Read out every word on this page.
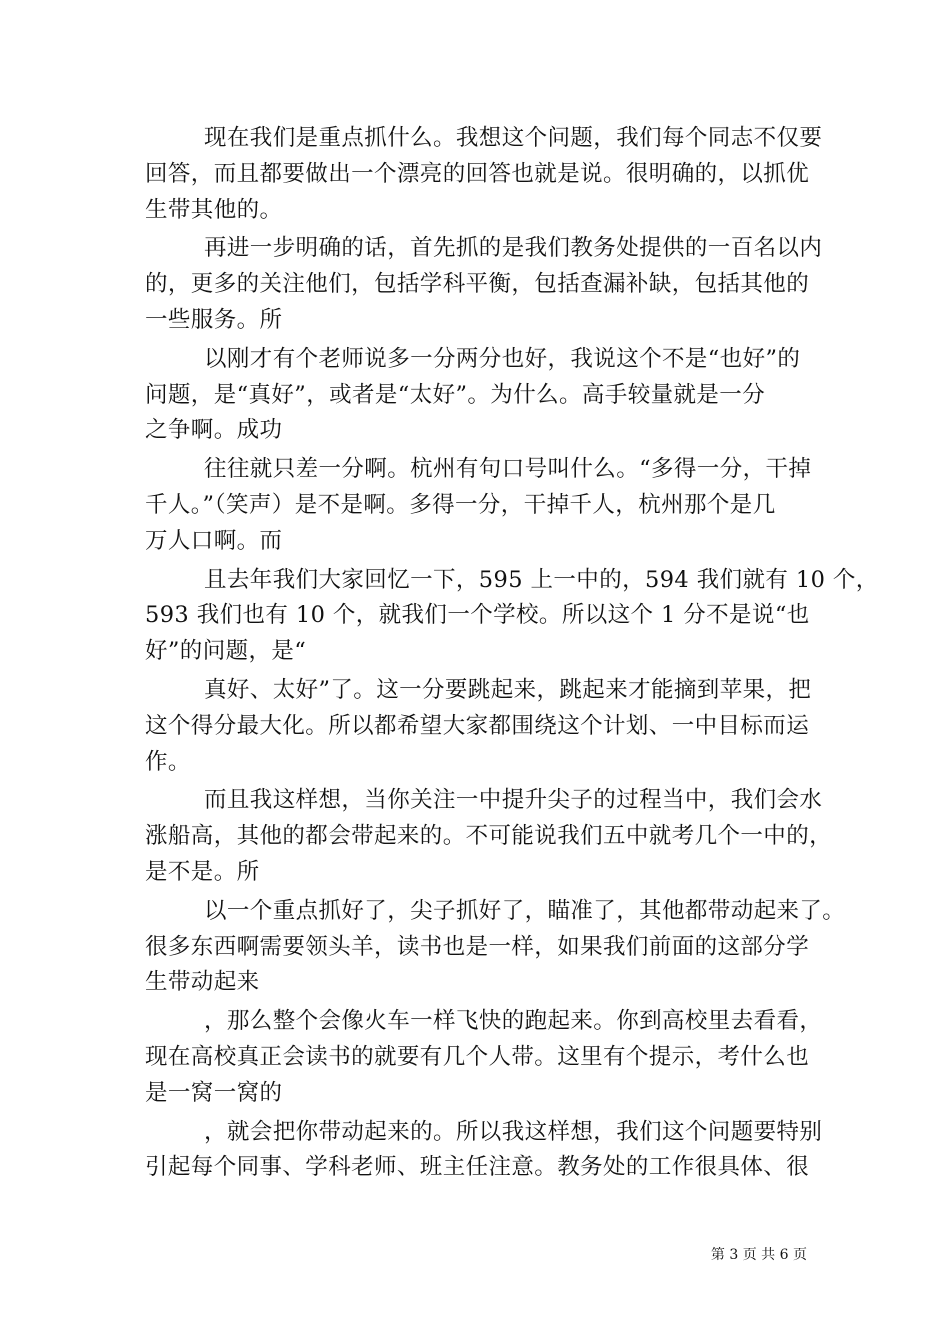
现在我们是重点抓什么。我想这个问题，我们每个同志不仅要
回答，而且都要做出一个漂亮的回答也就是说。很明确的，以抓优
生带其他的。
再进一步明确的话，首先抓的是我们教务处提供的一百名以内
的，更多的关注他们，包括学科平衡，包括查漏补缺，包括其他的
一些服务。所
以刚才有个老师说多一分两分也好，我说这个不是“也好”的
问题，是“真好”，或者是“太好”。为什么。高手较量就是一分
之争啊。成功
往往就只差一分啊。杭州有句口号叫什么。“多得一分，干掉
千人。”（笑声）是不是啊。多得一分，干掉千人，杭州那个是几
万人口啊。而
且去年我们大家回忆一下，595 上一中的，594 我们就有 10 个，
593 我们也有 10 个，就我们一个学校。所以这个 1 分不是说“也
好”的问题，是“
真好、太好”了。这一分要跳起来，跳起来才能摘到苹果，把
这个得分最大化。所以都希望大家都围绕这个计划、一中目标而运
作。
而且我这样想，当你关注一中提升尖子的过程当中，我们会水
涨船高，其他的都会带起来的。不可能说我们五中就考几个一中的，
是不是。所
以一个重点抓好了，尖子抓好了，瞄准了，其他都带动起来了。
很多东西啊需要领头羊，读书也是一样，如果我们前面的这部分学
生带动起来
，那么整个会像火车一样飞快的跑起来。你到高校里去看看，
现在高校真正会读书的就要有几个人带。这里有个提示，考什么也
是一窝一窝的
，就会把你带动起来的。所以我这样想，我们这个问题要特别
引起每个同事、学科老师、班主任注意。教务处的工作很具体、很
第 3 页 共 6 页
